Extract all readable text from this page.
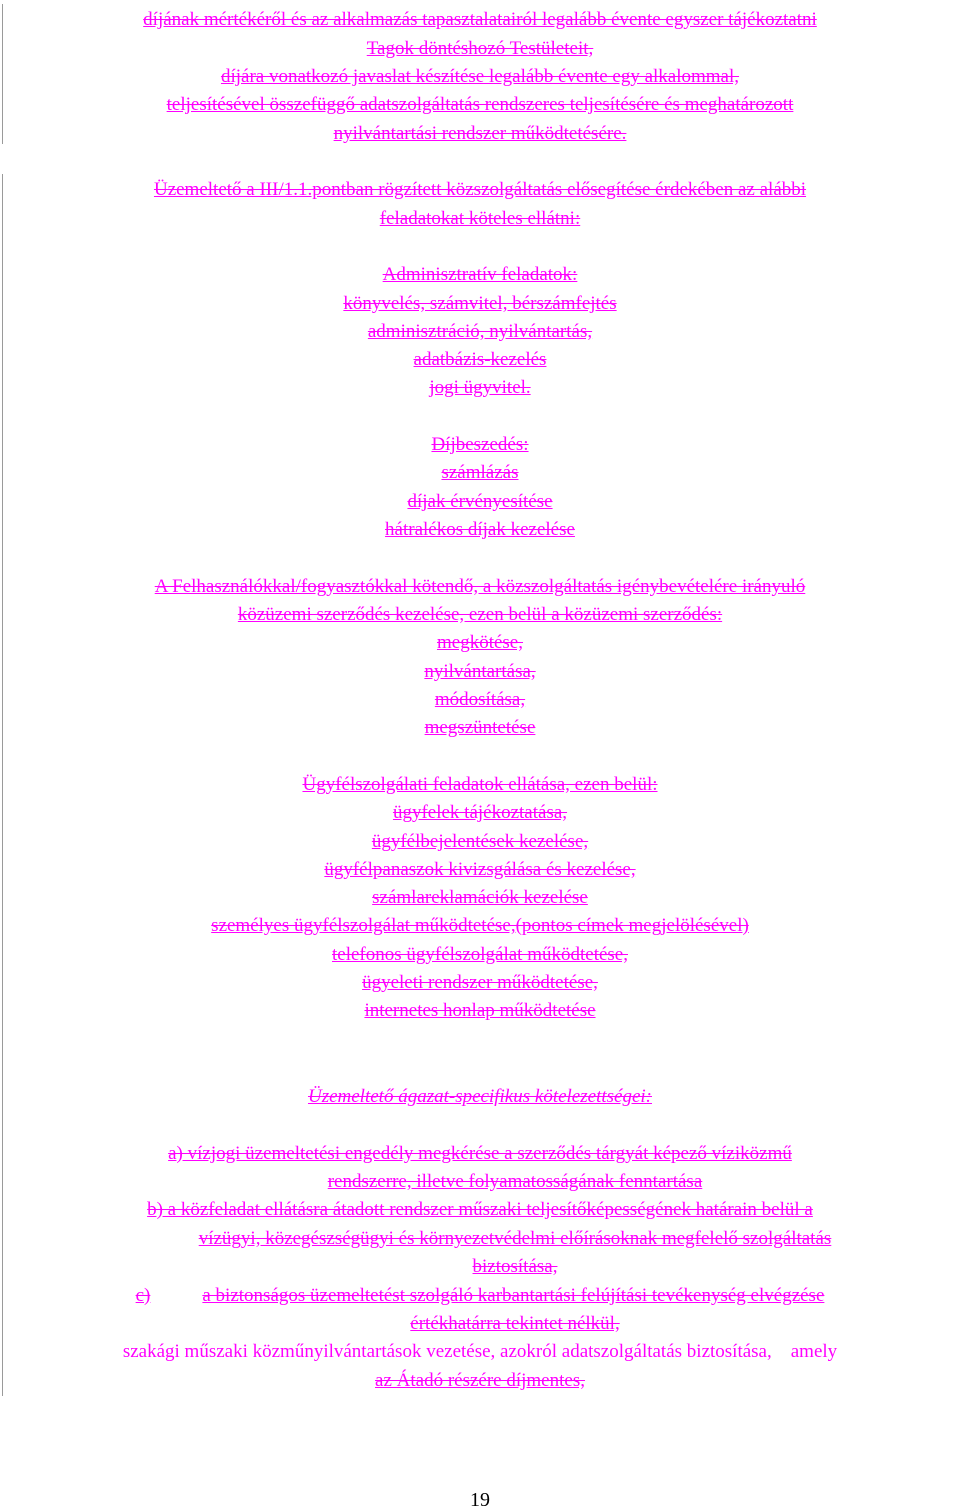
díjának mértékéről és az alkalmazás tapasztalatairól legalább évente egyszer tájékoztatni
Tagok döntéshozó Testületeit,
díjára vonatkozó javaslat készítése legalább évente egy alkalommal,
teljesítésével összefüggő adatszolgáltatás rendszeres teljesítésére és meghatározott
nyilvántartási rendszer működtetésére.
Üzemeltető a III/1.1.pontban rögzített közszolgáltatás elősegítése érdekében az alábbi
feladatokat köteles ellátni:
Adminisztratív feladatok:
könyvelés, számvitel, bérszámfejtés
adminisztráció, nyilvántartás,
adatbázis-kezelés
jogi ügyvitel.
Díjbeszedés:
számlázás
díjak érvényesítése
hátralékos díjak kezelése
A Felhasználókkal/fogyasztókkal kötendő, a közszolgáltatás igénybevételére irányuló
közüzemi szerződés kezelése, ezen belül a közüzemi szerződés:
megkötése,
nyilvántartása,
módosítása,
megszüntetése
Ügyfélszolgálati feladatok ellátása, ezen belül:
ügyfelek tájékoztatása,
ügyfélbejelentések kezelése,
ügyfélpanaszok kivizsgálása és kezelése,
számlareklamációk kezelése
személyes ügyfélszolgálat működtetése,(pontos címek megjelölésével)
telefonos ügyfélszolgálat működtetése,
ügyeleti rendszer működtetése,
internetes honlap működtetése
Üzemeltető ágazat-specifikus kötelezettségei:
a) vízjogi üzemeltetési engedély megkérése a szerződés tárgyát képező víziközmű
rendszerre, illetve folyamatosságának fenntartása
b) a közfeladat ellátásra átadott rendszer műszaki teljesítőképességének határain belül a
vízügyi, közegészségügyi és környezetvédelmi előírásoknak megfelelő szolgáltatás
biztosítása,
c)	a biztonságos üzemeltetést szolgáló karbantartási felújítási tevékenység elvégzése
értékhatárra tekintet nélkül,
szakági műszaki közműnyilvántartások vezetése, azokról adatszolgáltatás biztosítása,    amely
az Átadó részére díjmentes,
19
